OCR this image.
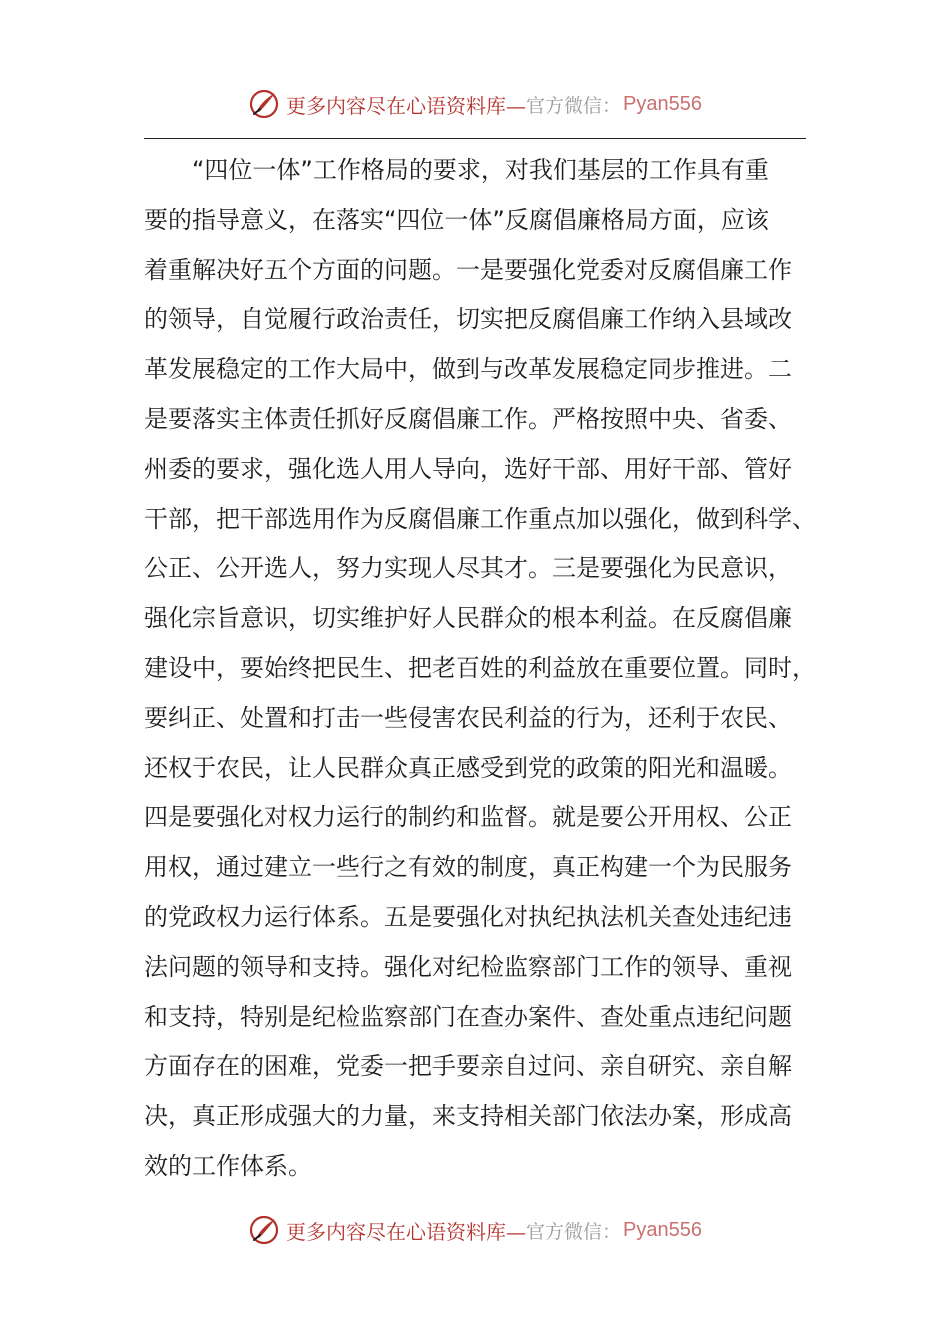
更多内容尽在心语资料库— 官方微信： Pyan556
“四位一体”工作格局的要求，对我们基层的工作具有重
要的指导意义，在落实“四位一体”反腐倡廉格局方面，应该
着重解决好五个方面的问题。一是要强化党委对反腐倡廉工作
的领导，自觉履行政治责任，切实把反腐倡廉工作纳入县域改
革发展稳定的工作大局中，做到与改革发展稳定同步推进。二
是要落实主体责任抓好反腐倡廉工作。严格按照中央、省委、
州委的要求，强化选人用人导向，选好干部、用好干部、管好
干部，把干部选用作为反腐倡廉工作重点加以强化，做到科学、
公正、公开选人，努力实现人尽其才。三是要强化为民意识，
强化宗旨意识，切实维护好人民群众的根本利益。在反腐倡廉
建设中，要始终把民生、把老百姓的利益放在重要位置。同时，
要纠正、处置和打击一些侵害农民利益的行为，还利于农民、
还权于农民，让人民群众真正感受到党的政策的阳光和温暖。
四是要强化对权力运行的制约和监督。就是要公开用权、公正
用权，通过建立一些行之有效的制度，真正构建一个为民服务
的党政权力运行体系。五是要强化对执纪执法机关查处违纪违
法问题的领导和支持。强化对纪检监察部门工作的领导、重视
和支持，特别是纪检监察部门在查办案件、查处重点违纪问题
方面存在的困难，党委一把手要亲自过问、亲自研究、亲自解
决，真正形成强大的力量，来支持相关部门依法办案，形成高
效的工作体系。
更多内容尽在心语资料库— 官方微信： Pyan556
